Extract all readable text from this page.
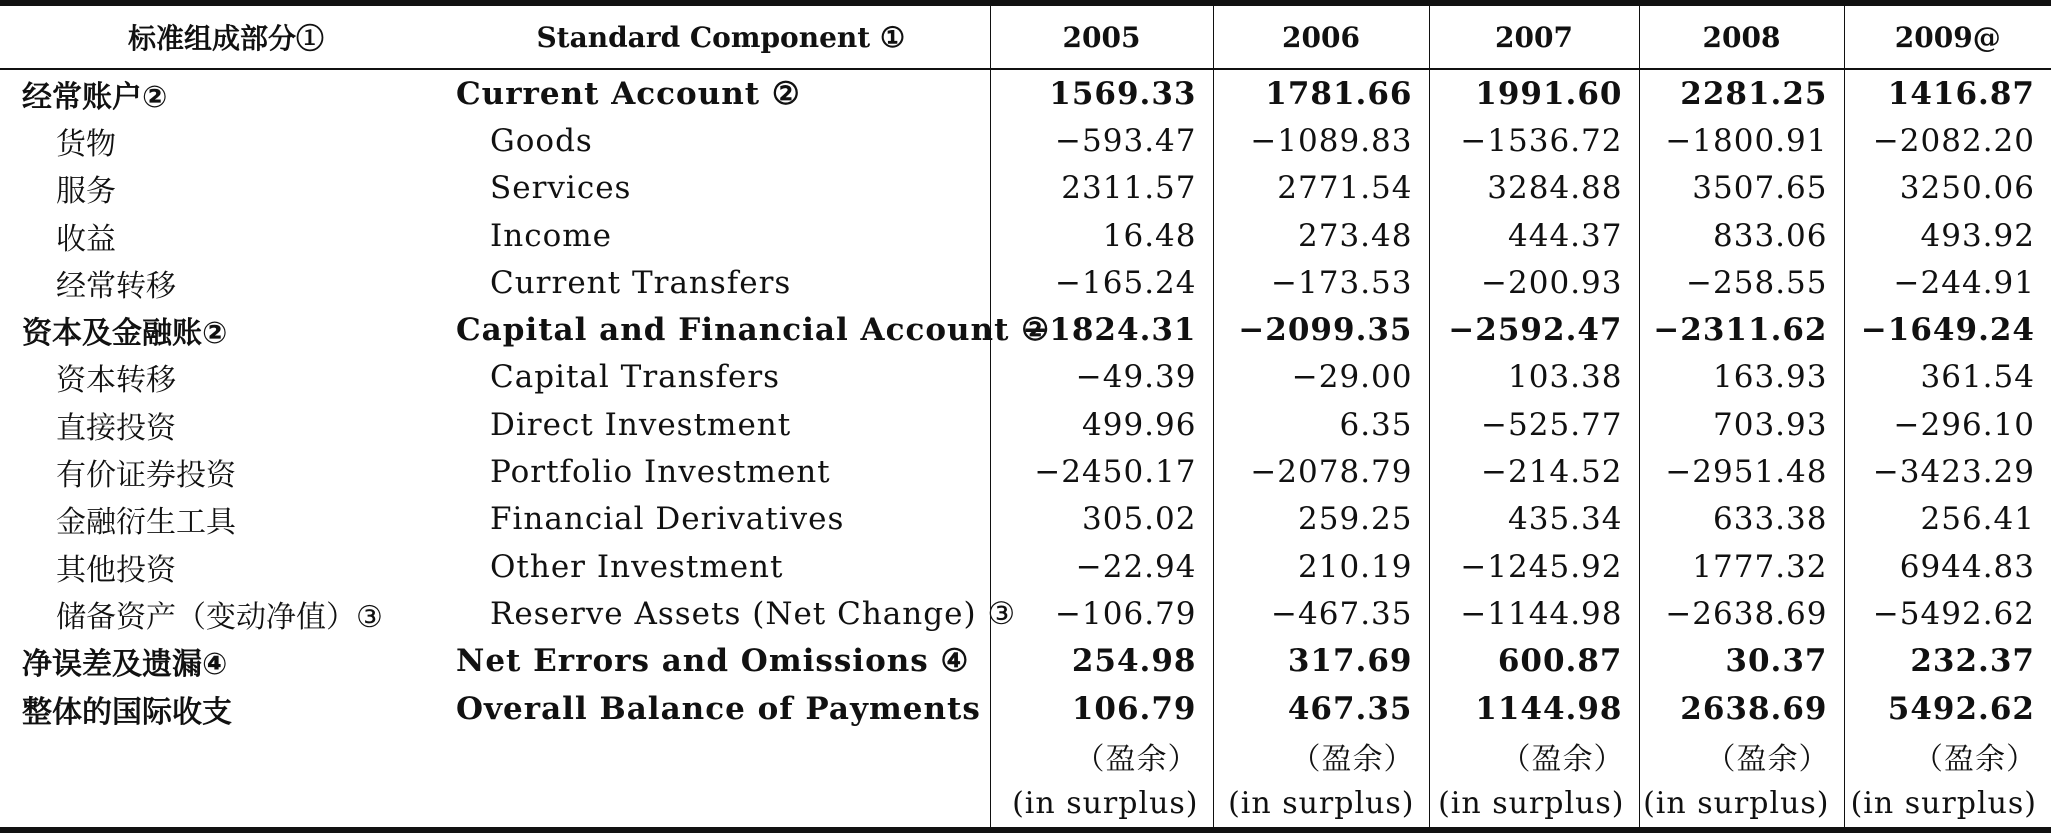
标准组成部分①	Standard Component ①	2005	2006	2007	2008	2009@
经常账户②	Current Account ②	1569.33	1781.66	1991.60	2281.25	1416.87
货物	Goods	−593.47	−1089.83	−1536.72	−1800.91	−2082.20
服务	Services	2311.57	2771.54	3284.88	3507.65	3250.06
收益	Income	16.48	273.48	444.37	833.06	493.92
经常转移	Current Transfers	−165.24	−173.53	−200.93	−258.55	−244.91
资本及金融账②	Capital and Financial Account ②	−1824.31	−2099.35	−2592.47	−2311.62	−1649.24
资本转移	Capital Transfers	−49.39	−29.00	103.38	163.93	361.54
直接投资	Direct Investment	499.96	6.35	−525.77	703.93	−296.10
有价证券投资	Portfolio Investment	−2450.17	−2078.79	−214.52	−2951.48	−3423.29
金融衍生工具	Financial Derivatives	305.02	259.25	435.34	633.38	256.41
其他投资	Other Investment	−22.94	210.19	−1245.92	1777.32	6944.83
储备资产（变动净值）③	Reserve Assets (Net Change) ③	−106.79	−467.35	−1144.98	−2638.69	−5492.62
净误差及遗漏④	Net Errors and Omissions ④	254.98	317.69	600.87	30.37	232.37
整体的国际收支	Overall Balance of Payments	106.79	467.35	1144.98	2638.69	5492.62
		（盈余）	（盈余）	（盈余）	（盈余）	（盈余）
		(in surplus)	(in surplus)	(in surplus)	(in surplus)	(in surplus)
